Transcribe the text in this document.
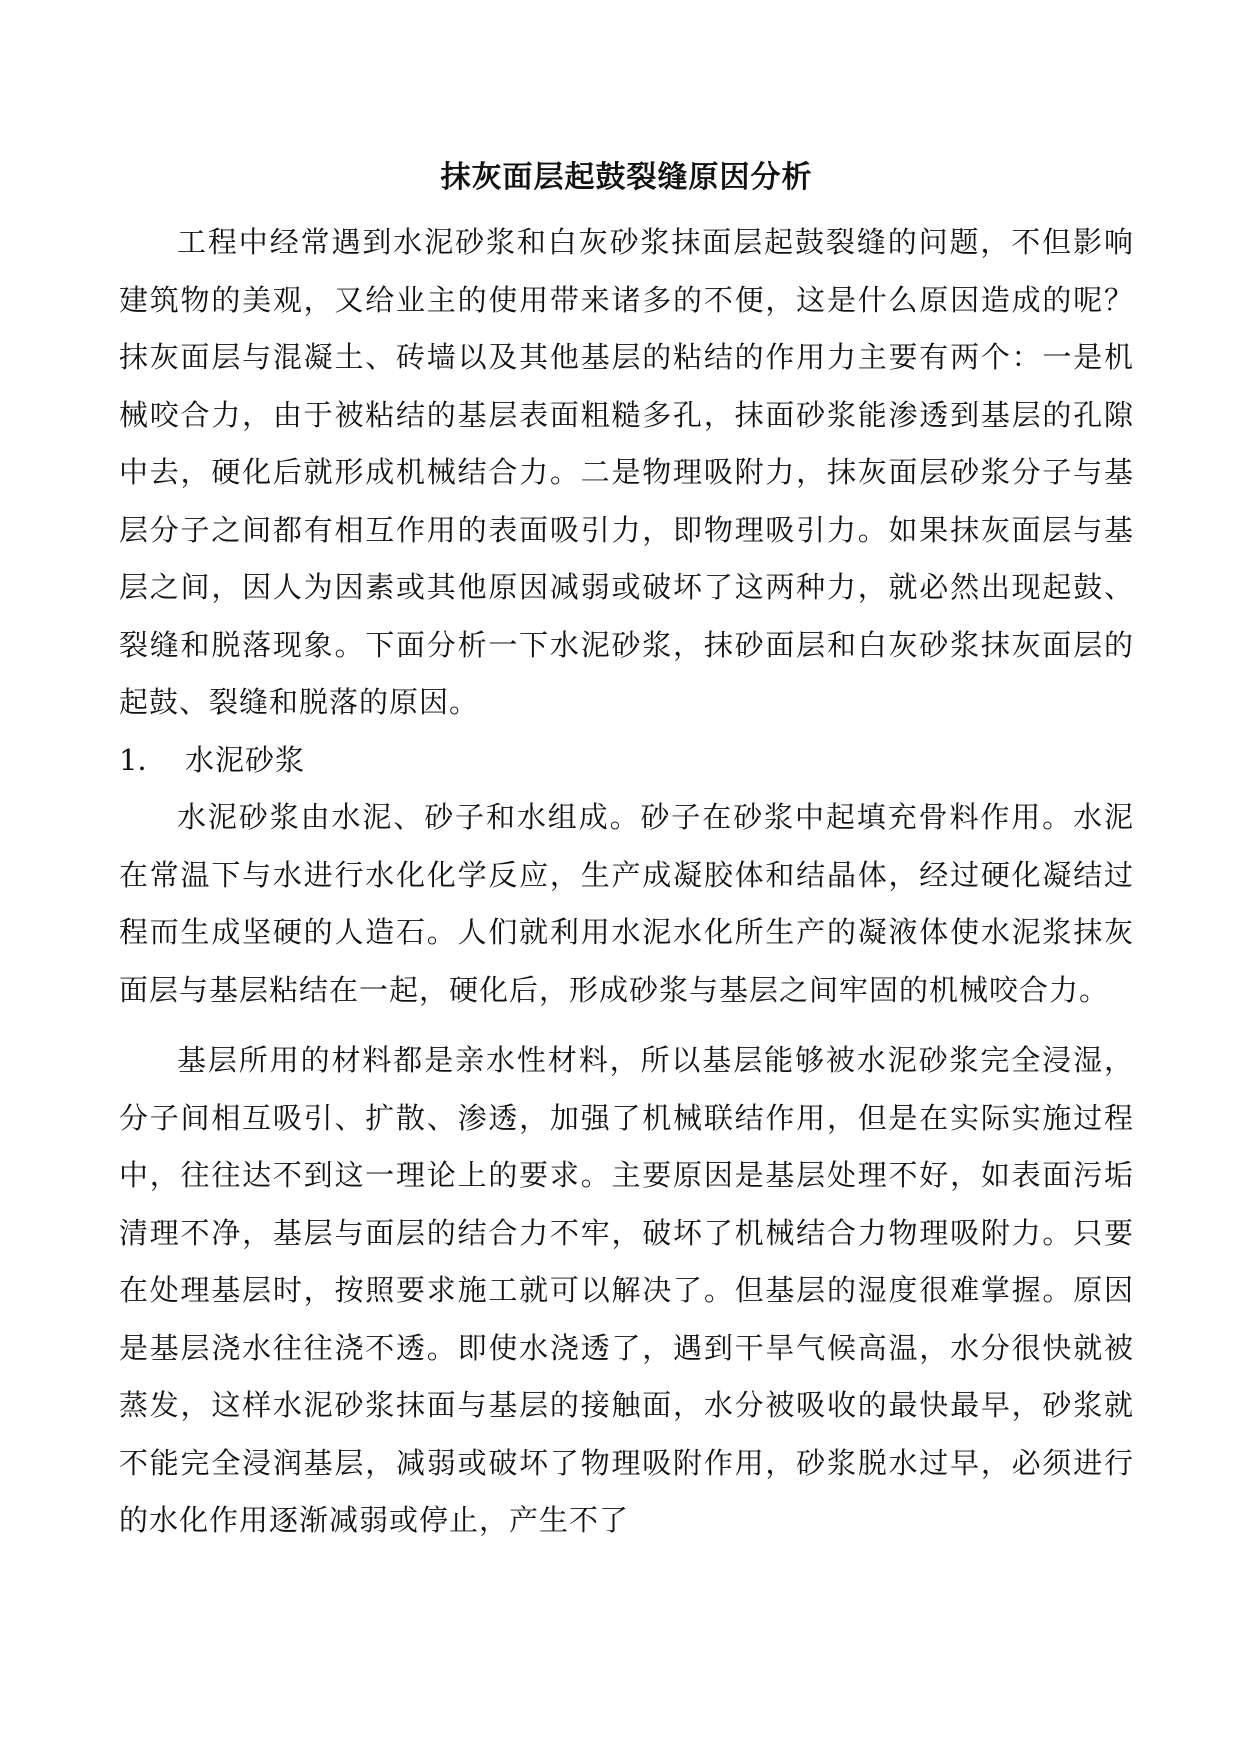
抹灰面层起鼓裂缝原因分析

工程中经常遇到水泥砂浆和白灰砂浆抹面层起鼓裂缝的问题，不但影响建筑物的美观，又给业主的使用带来诸多的不便，这是什么原因造成的呢？抹灰面层与混凝土、砖墙以及其他基层的粘结的作用力主要有两个：一是机械咬合力，由于被粘结的基层表面粗糙多孔，抹面砂浆能渗透到基层的孔隙中去，硬化后就形成机械结合力。二是物理吸附力，抹灰面层砂浆分子与基层分子之间都有相互作用的表面吸引力，即物理吸引力。如果抹灰面层与基层之间，因人为因素或其他原因减弱或破坏了这两种力，就必然出现起鼓、裂缝和脱落现象。下面分析一下水泥砂浆，抹砂面层和白灰砂浆抹灰面层的起鼓、裂缝和脱落的原因。

1． 水泥砂浆

水泥砂浆由水泥、砂子和水组成。砂子在砂浆中起填充骨料作用。水泥在常温下与水进行水化化学反应，生产成凝胶体和结晶体，经过硬化凝结过程而生成坚硬的人造石。人们就利用水泥水化所生产的凝液体使水泥浆抹灰面层与基层粘结在一起，硬化后，形成砂浆与基层之间牢固的机械咬合力。

基层所用的材料都是亲水性材料，所以基层能够被水泥砂浆完全浸湿，分子间相互吸引、扩散、渗透，加强了机械联结作用，但是在实际实施过程中，往往达不到这一理论上的要求。主要原因是基层处理不好，如表面污垢清理不净，基层与面层的结合力不牢，破坏了机械结合力物理吸附力。只要在处理基层时，按照要求施工就可以解决了。但基层的湿度很难掌握。原因是基层浇水往往浇不透。即使水浇透了，遇到干旱气候高温，水分很快就被蒸发，这样水泥砂浆抹面与基层的接触面，水分被吸收的最快最早，砂浆就不能完全浸润基层，减弱或破坏了物理吸附作用，砂浆脱水过早，必须进行的水化作用逐渐减弱或停止，产生不了
